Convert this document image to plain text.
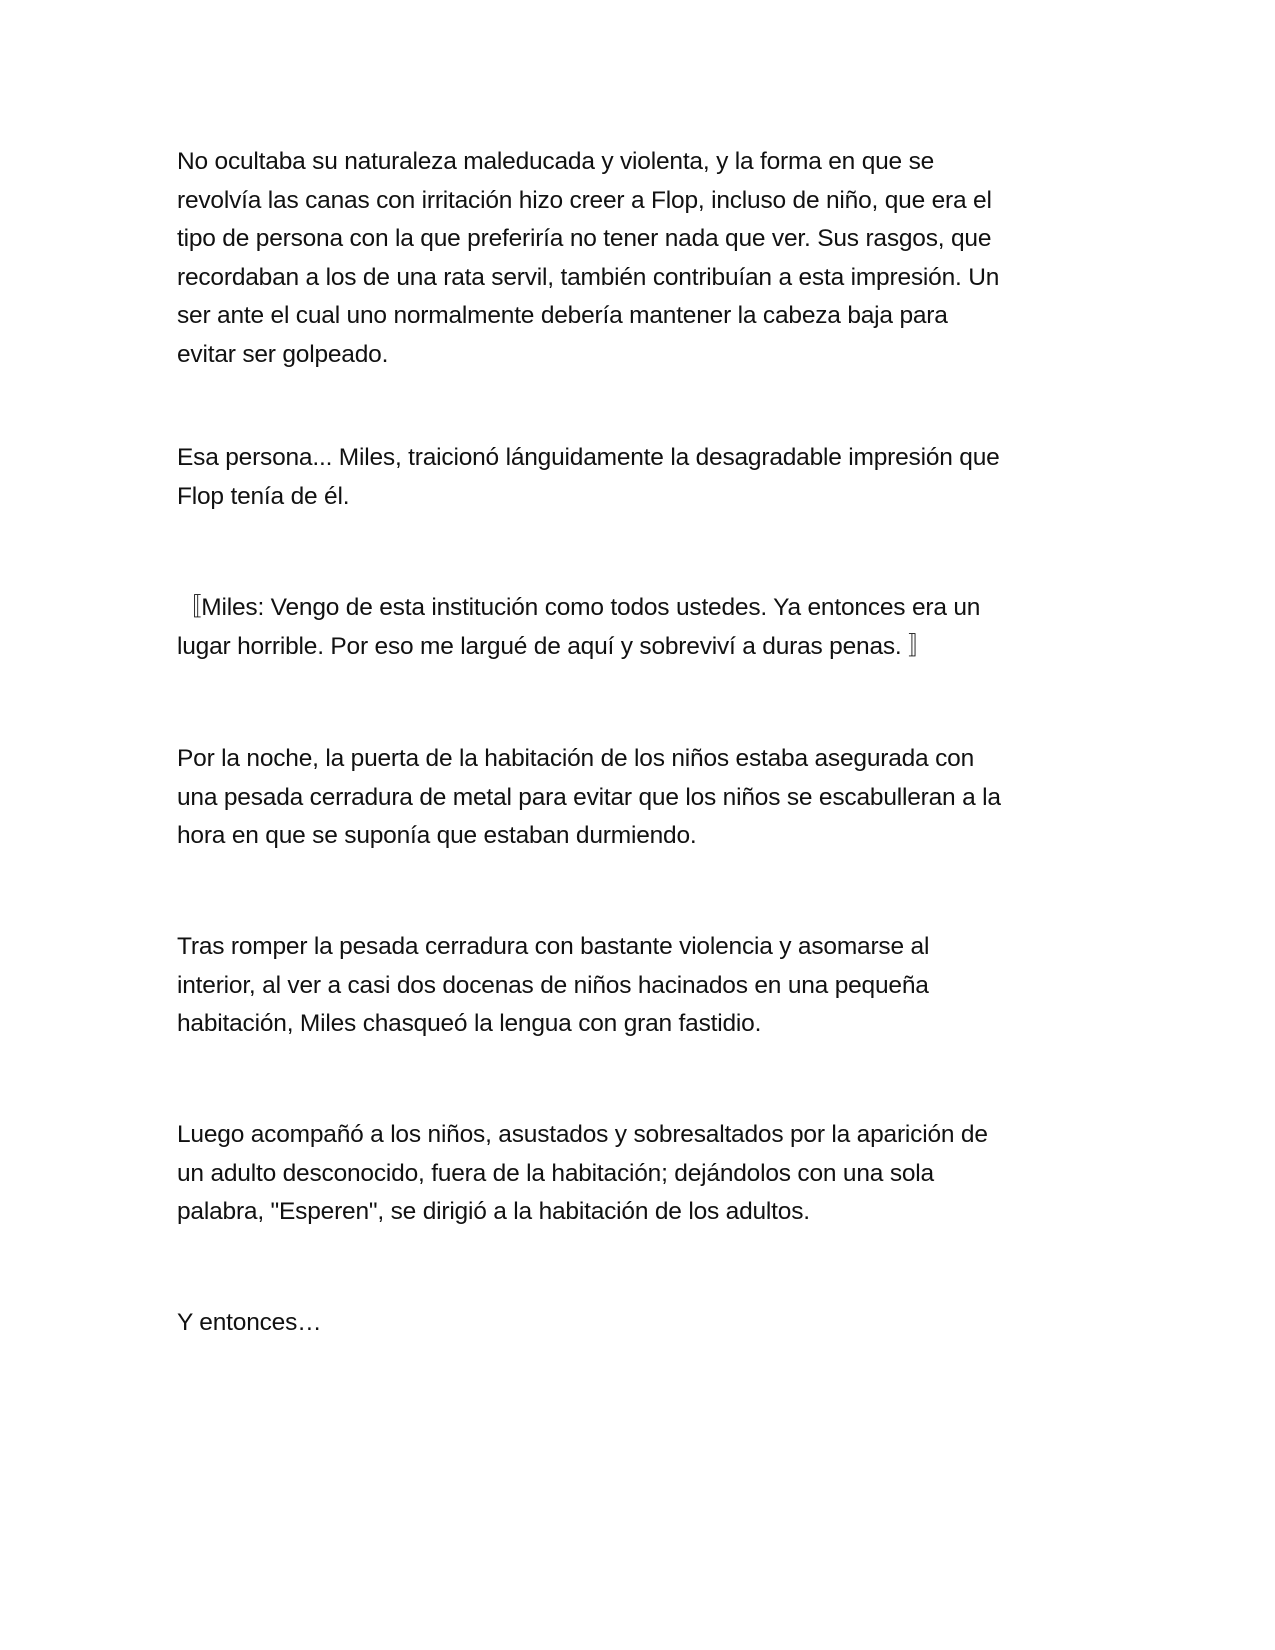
No ocultaba su naturaleza maleducada y violenta, y la forma en que se
revolvía las canas con irritación hizo creer a Flop, incluso de niño, que era el
tipo de persona con la que preferiría no tener nada que ver. Sus rasgos, que
recordaban a los de una rata servil, también contribuían a esta impresión. Un
ser ante el cual uno normalmente debería mantener la cabeza baja para
evitar ser golpeado.

Esa persona... Miles, traicionó lánguidamente la desagradable impresión que
Flop tenía de él.

〚Miles: Vengo de esta institución como todos ustedes. Ya entonces era un
lugar horrible. Por eso me largué de aquí y sobreviví a duras penas. 〛

Por la noche, la puerta de la habitación de los niños estaba asegurada con
una pesada cerradura de metal para evitar que los niños se escabulleran a la
hora en que se suponía que estaban durmiendo.

Tras romper la pesada cerradura con bastante violencia y asomarse al
interior, al ver a casi dos docenas de niños hacinados en una pequeña
habitación, Miles chasqueó la lengua con gran fastidio.

Luego acompañó a los niños, asustados y sobresaltados por la aparición de
un adulto desconocido, fuera de la habitación; dejándolos con una sola
palabra, "Esperen", se dirigió a la habitación de los adultos.

Y entonces…
